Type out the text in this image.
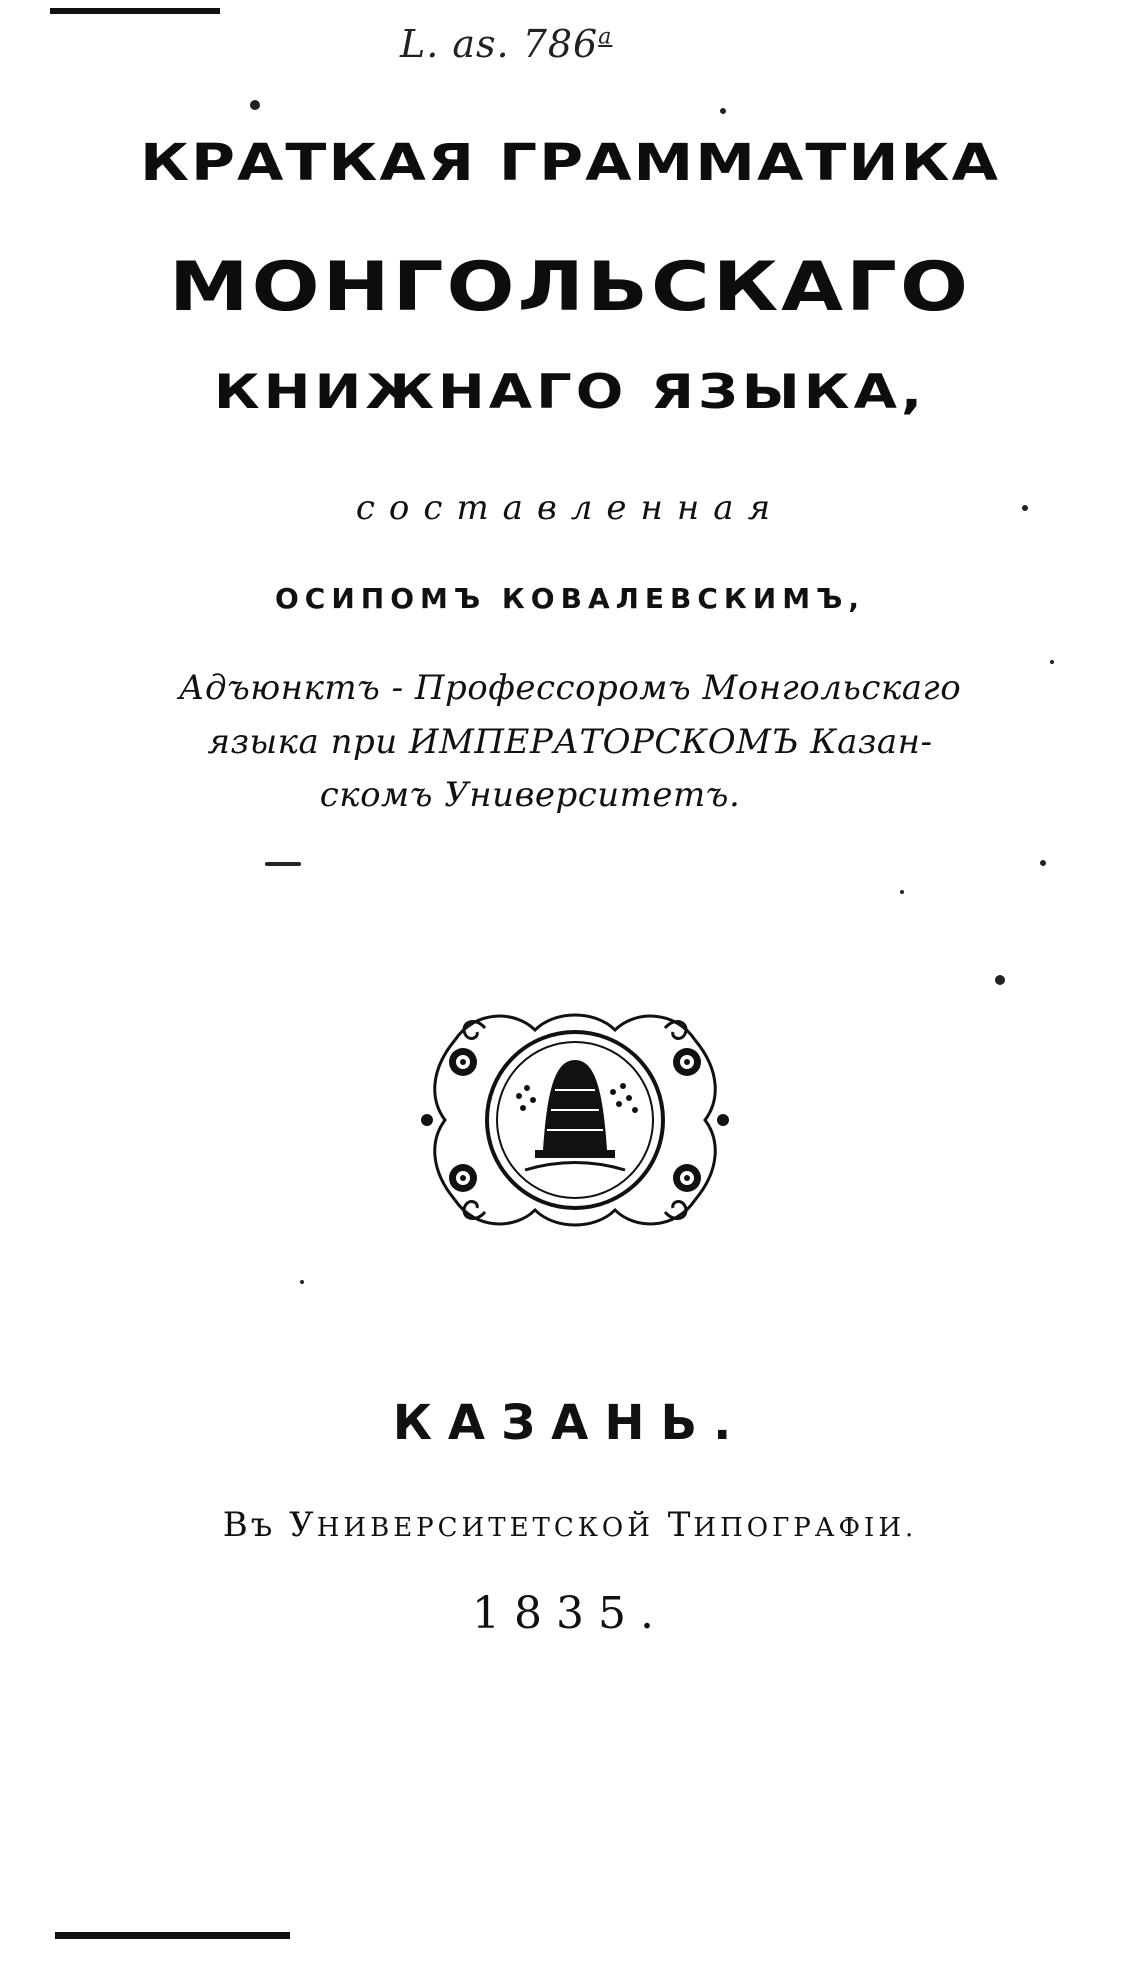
L. as. 786$^a$
КРАТКАЯ ГРАММАТИКА
МОНГОЛЬСКАГО
КНИЖНАГО ЯЗЫКА,
составленная
ОСИПОМЪ КОВАЛЕВСКИМЪ,
Адъюнктъ - Профессоромъ Монгольскаго
языка при ИМПЕРАТОРСКОМЪ Казан-
скомъ Университетъ.
КАЗАНЬ.
Въ УНИВЕРСИТЕТСКОЙ ТИПОГРАФІИ.
1835.
